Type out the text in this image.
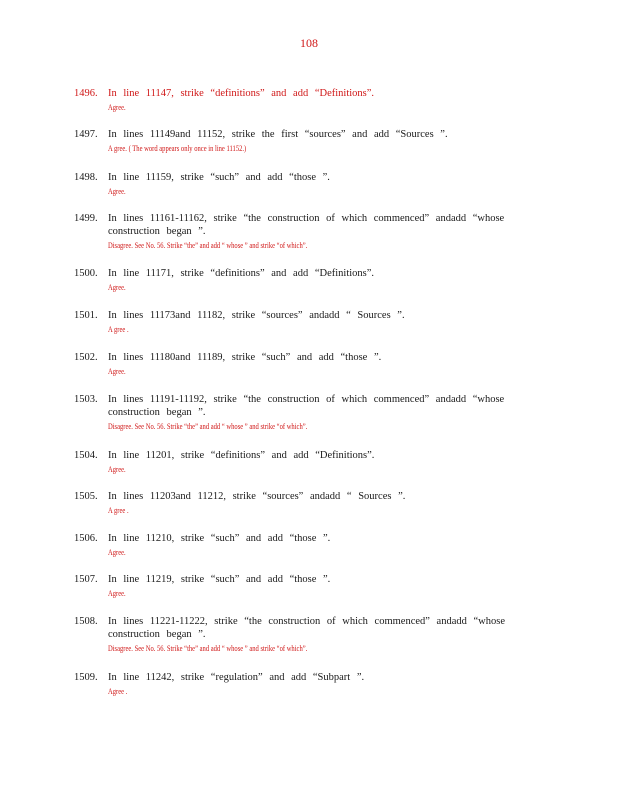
108
1496. In line 11147, strike “definitions” and add “Definitions”.
Agree.
1497. In lines 11149and 11152, strike the first “sources” and add “Sources ”.
A gree. ( The word appears only once in line 11152.)
1498. In line 11159, strike “such” and add “those ”.
Agree.
1499. In lines 11161-11162, strike “the construction of which commenced” andadd “whose
construction began ”.
Disagree. See No. 56. Strike “the” and add “ whose ” and strike “of which”.
1500. In line 11171, strike “definitions” and add “Definitions”.
Agree.
1501. In lines 11173and 11182, strike “sources” andadd “ Sources ”.
A gree .
1502. In lines 11180and 11189, strike “such” and add “those ”.
Agree.
1503. In lines 11191-11192, strike “the construction of which commenced” andadd “whose
construction began ”.
Disagree. See No. 56. Strike “the” and add “ whose ” and strike “of which”.
1504. In line 11201, strike “definitions” and add “Definitions”.
Agree.
1505. In lines 11203and 11212, strike “sources” andadd “ Sources ”.
A gree .
1506. In line 11210, strike “such” and add “those ”.
Agree.
1507. In line 11219, strike “such” and add “those ”.
Agree.
1508. In lines 11221-11222, strike “the construction of which commenced” andadd “whose
construction began ”.
Disagree. See No. 56. Strike “the” and add “ whose ” and strike “of which”.
1509. In line 11242, strike “regulation” and add “Subpart ”.
Agree .
